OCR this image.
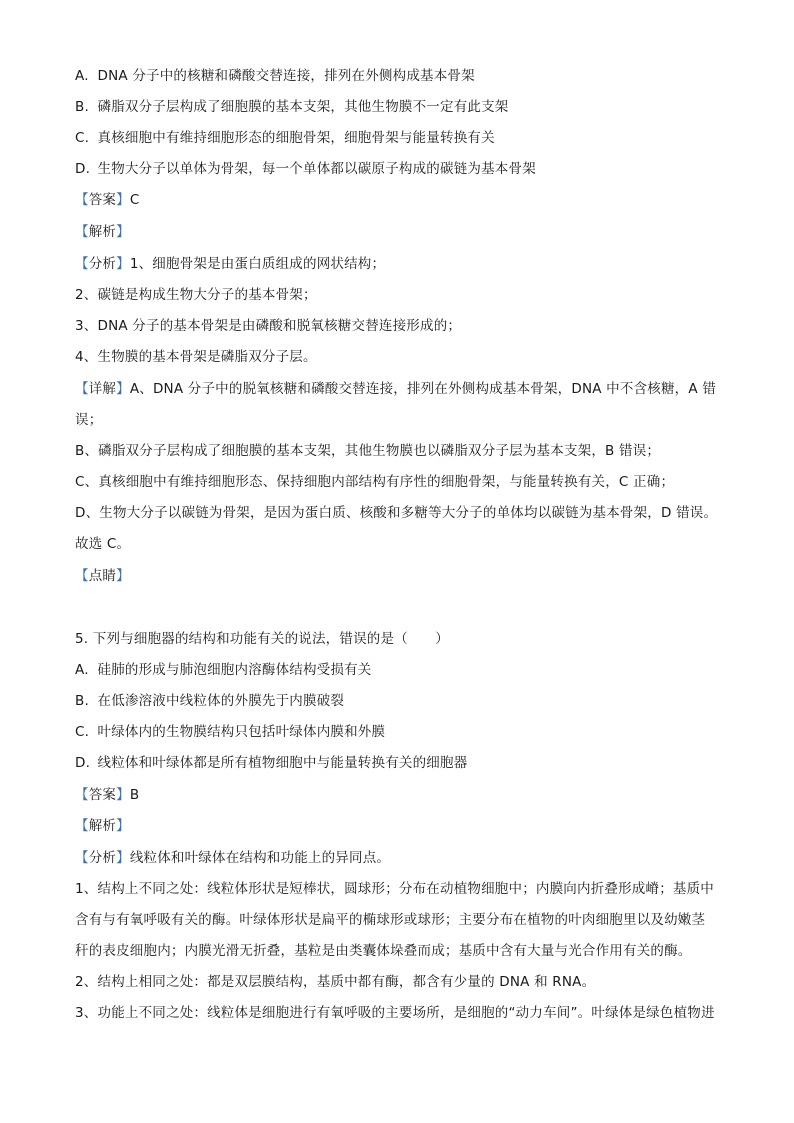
A. DNA 分子中的核糖和磷酸交替连接，排列在外侧构成基本骨架
B. 磷脂双分子层构成了细胞膜的基本支架，其他生物膜不一定有此支架
C. 真核细胞中有维持细胞形态的细胞骨架，细胞骨架与能量转换有关
D. 生物大分子以单体为骨架，每一个单体都以碳原子构成的碳链为基本骨架
【答案】C
【解析】
【分析】1、细胞骨架是由蛋白质组成的网状结构；
2、碳链是构成生物大分子的基本骨架；
3、DNA 分子的基本骨架是由磷酸和脱氧核糖交替连接形成的；
4、生物膜的基本骨架是磷脂双分子层。
【详解】A、DNA 分子中的脱氧核糖和磷酸交替连接，排列在外侧构成基本骨架，DNA 中不含核糖，A 错
误；
B、磷脂双分子层构成了细胞膜的基本支架，其他生物膜也以磷脂双分子层为基本支架，B 错误；
C、真核细胞中有维持细胞形态、保持细胞内部结构有序性的细胞骨架，与能量转换有关，C 正确；
D、生物大分子以碳链为骨架，是因为蛋白质、核酸和多糖等大分子的单体均以碳链为基本骨架，D 错误。
故选 C。
【点睛】
5. 下列与细胞器的结构和功能有关的说法，错误的是（　　）
A. 硅肺的形成与肺泡细胞内溶酶体结构受损有关
B. 在低渗溶液中线粒体的外膜先于内膜破裂
C. 叶绿体内的生物膜结构只包括叶绿体内膜和外膜
D. 线粒体和叶绿体都是所有植物细胞中与能量转换有关的细胞器
【答案】B
【解析】
【分析】线粒体和叶绿体在结构和功能上的异同点。
1、结构上不同之处：线粒体形状是短棒状，圆球形；分布在动植物细胞中；内膜向内折叠形成嵴；基质中
含有与有氧呼吸有关的酶。叶绿体形状是扁平的椭球形或球形；主要分布在植物的叶肉细胞里以及幼嫩茎
秆的表皮细胞内；内膜光滑无折叠，基粒是由类囊体垛叠而成；基质中含有大量与光合作用有关的酶。
2、结构上相同之处：都是双层膜结构，基质中都有酶，都含有少量的 DNA 和 RNA。
3、功能上不同之处：线粒体是细胞进行有氧呼吸的主要场所，是细胞的“动力车间”。叶绿体是绿色植物进
